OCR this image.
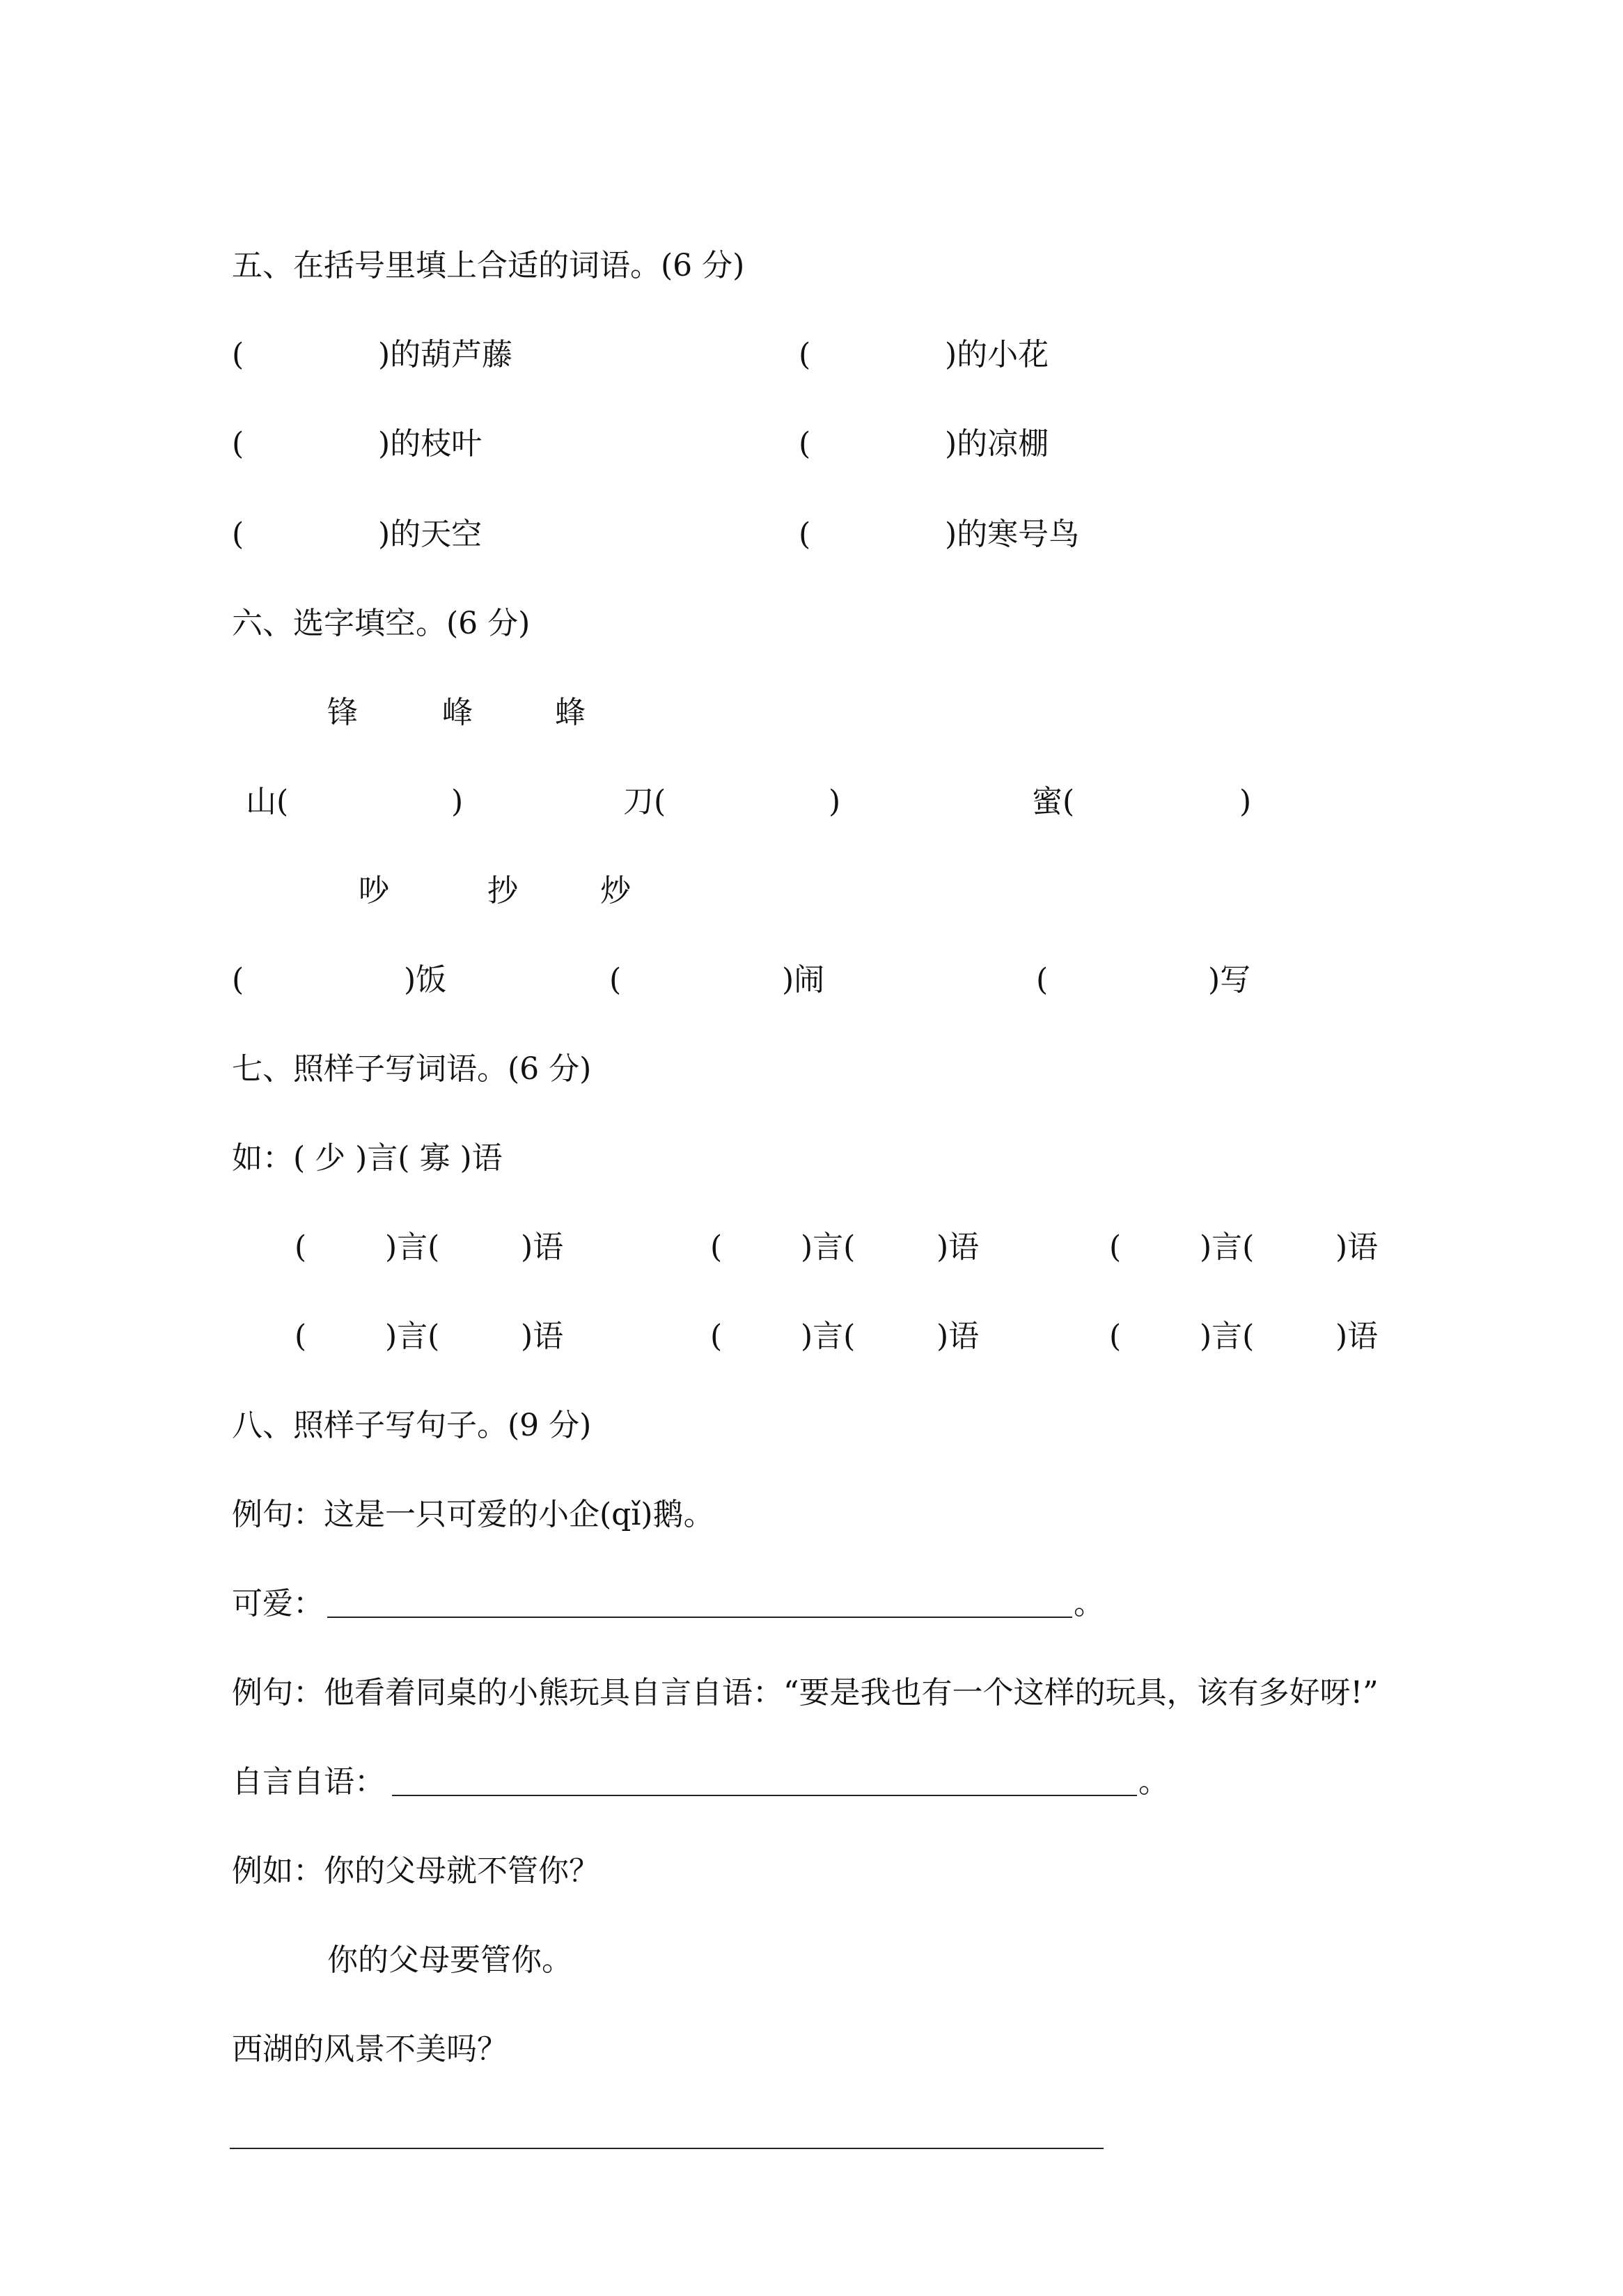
五、在括号里填上合适的词语。(6 分)
(	)的葫芦藤	(	)的小花
(	)的枝叶	(	)的凉棚
(	)的天空	(	)的寒号鸟
六、选字填空。(6 分)
锋	峰	蜂
山(	)	刀(	)	蜜(	)
吵	抄	炒
(	)饭	(	)闹	(	)写
七、照样子写词语。(6 分)
如：( 少 )言( 寡 )语
(	)言(	)语	(	)言(	)语	(	)言(	)语
(	)言(	)语	(	)言(	)语	(	)言(	)语
八、照样子写句子。(9 分)
例句：这是一只可爱的小企(qǐ)鹅。
可爱：	。
例句：他看着同桌的小熊玩具自言自语：“要是我也有一个这样的玩具，该有多好呀!”
自言自语：	。
例如：你的父母就不管你？
你的父母要管你。
西湖的风景不美吗？
